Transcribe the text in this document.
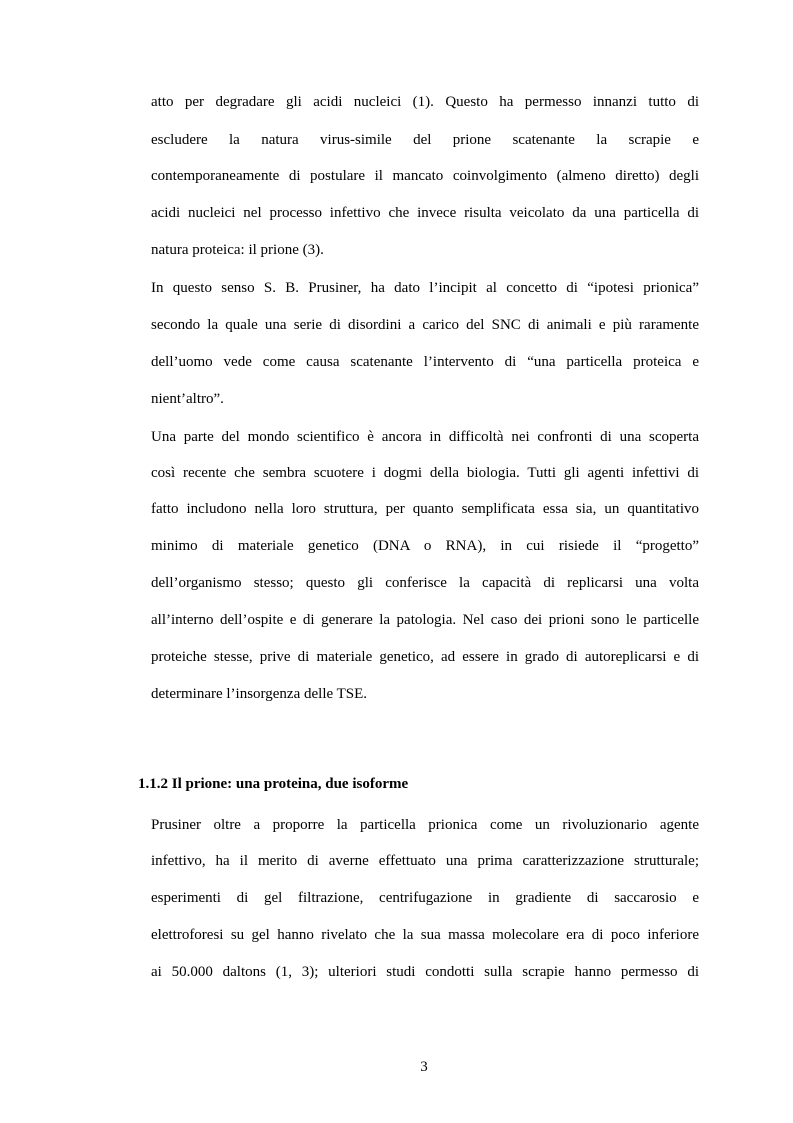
atto per degradare gli acidi nucleici (1). Questo ha permesso innanzi tutto di
escludere la natura virus-simile del prione scatenante la scrapie e
contemporaneamente di postulare il mancato coinvolgimento (almeno diretto) degli
acidi nucleici nel processo infettivo che invece risulta veicolato da una particella di
natura proteica: il prione (3).
In questo senso S. B. Prusiner, ha dato l’incipit al concetto di “ipotesi prionica”
secondo la quale una serie di disordini a carico del SNC di animali e più raramente
dell’uomo vede come causa scatenante l’intervento di “una particella proteica e
nient’altro”.
Una parte del mondo scientifico è ancora in difficoltà nei confronti di una scoperta
così recente che sembra scuotere i dogmi della biologia. Tutti gli agenti infettivi di
fatto includono nella loro struttura, per quanto semplificata essa sia, un quantitativo
minimo di materiale genetico (DNA o RNA), in cui risiede il “progetto”
dell’organismo stesso; questo gli conferisce la capacità di replicarsi una volta
all’interno dell’ospite e di generare la patologia. Nel caso dei prioni sono le particelle
proteiche stesse, prive di materiale genetico, ad essere in grado di autoreplicarsi e di
determinare l’insorgenza delle TSE.
1.1.2 Il prione: una proteina, due isoforme
Prusiner oltre a proporre la particella prionica come un rivoluzionario agente
infettivo, ha il merito di averne effettuato una prima caratterizzazione strutturale;
esperimenti di gel filtrazione, centrifugazione in gradiente di saccarosio e
elettroforesi su gel hanno rivelato che la sua massa molecolare era di poco inferiore
ai 50.000 daltons (1, 3); ulteriori studi condotti sulla scrapie hanno permesso di
3
